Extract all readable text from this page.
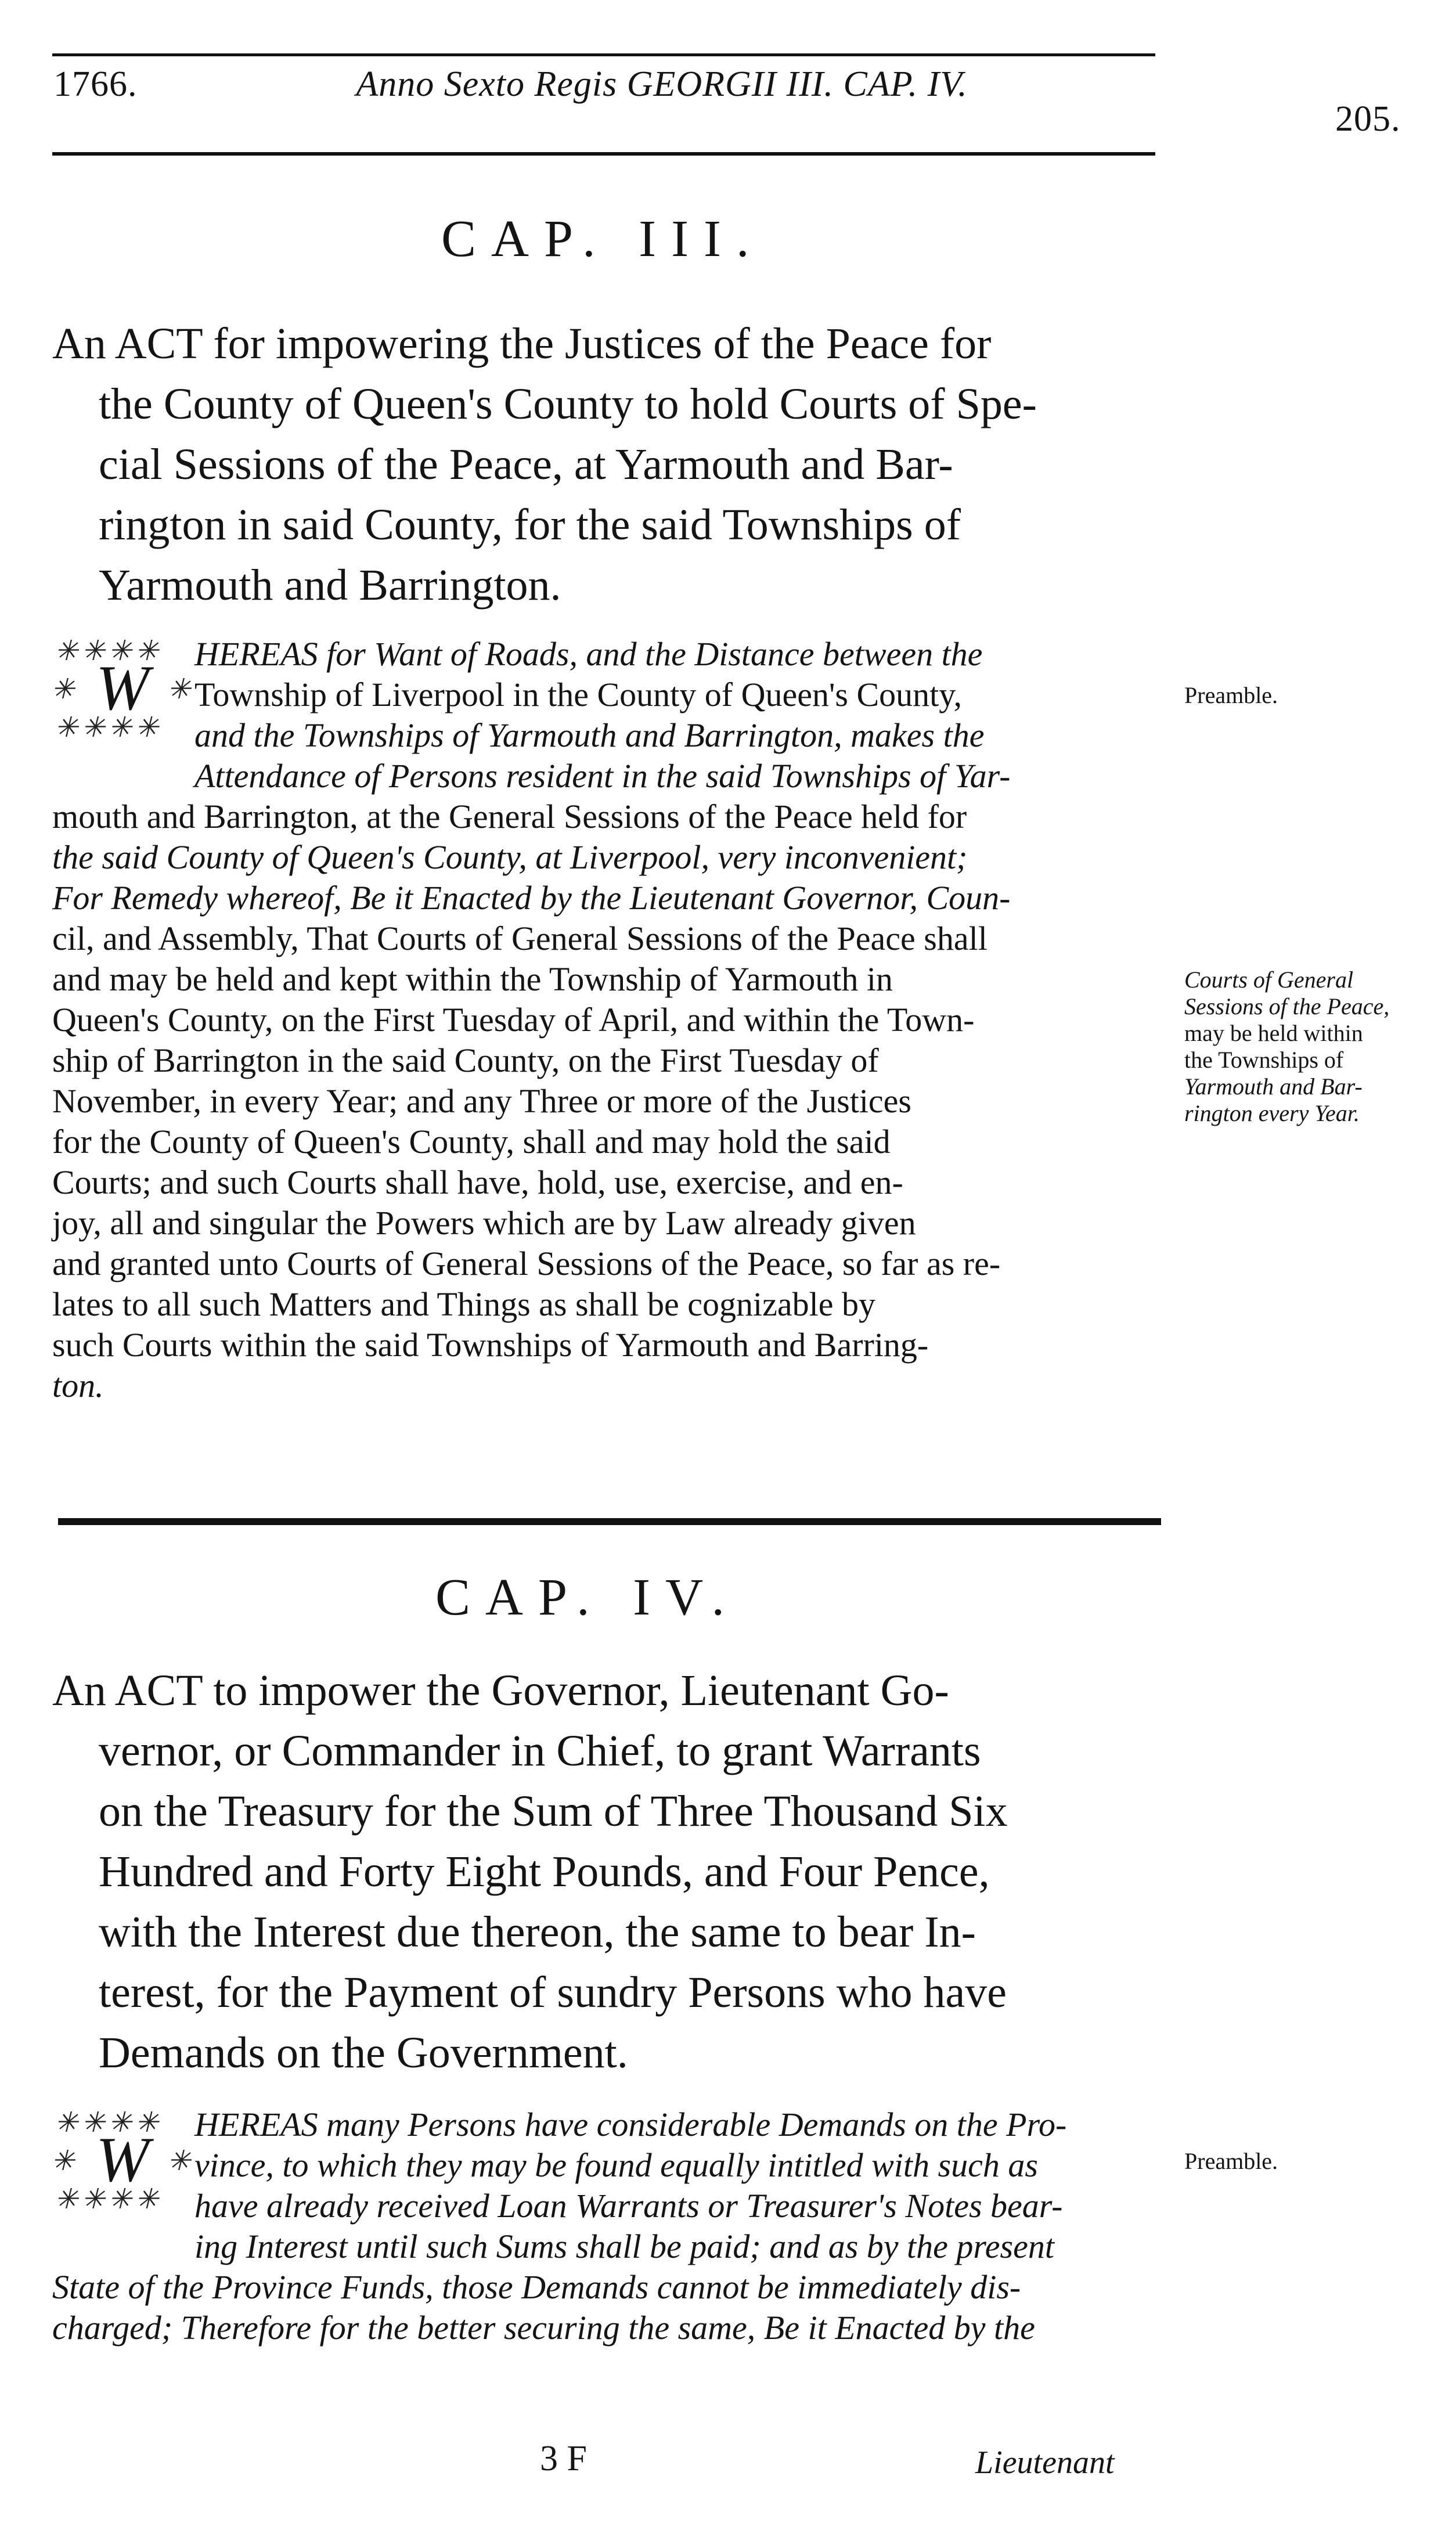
1766.	Anno Sexto Regis GEORGII III. CAP. IV.
205.
CAP. III.
An ACT for impowering the Justices of the Peace for
the County of Queen's County to hold Courts of Spe-
cial Sessions of the Peace, at Yarmouth and Bar-
rington in said County, for the said Townships of
Yarmouth and Barrington.
✳✳✳✳
✳✳✳✳
✳	✳
W HEREAS for Want of Roads, and the Distance between the
Township of Liverpool in the County of Queen's County,
and the Townships of Yarmouth and Barrington, makes the
Attendance of Persons resident in the said Townships of Yar-
mouth and Barrington, at the General Sessions of the Peace held for
the said County of Queen's County, at Liverpool, very inconvenient;
For Remedy whereof, Be it Enacted by the Lieutenant Governor, Coun-
cil, and Assembly, That Courts of General Sessions of the Peace shall
and may be held and kept within the Township of Yarmouth in
Queen's County, on the First Tuesday of April, and within the Town-
ship of Barrington in the said County, on the First Tuesday of
November, in every Year; and any Three or more of the Justices
for the County of Queen's County, shall and may hold the said
Courts; and such Courts shall have, hold, use, exercise, and en-
joy, all and singular the Powers which are by Law already given
and granted unto Courts of General Sessions of the Peace, so far as re-
lates to all such Matters and Things as shall be cognizable by
such Courts within the said Townships of Yarmouth and Barring-
ton.
Preamble.
Courts of General
Sessions of the Peace,
may be held within
the Townships of
Yarmouth and Bar-
rington every Year.
CAP. IV.
An ACT to impower the Governor, Lieutenant Go-
vernor, or Commander in Chief, to grant Warrants
on the Treasury for the Sum of Three Thousand Six
Hundred and Forty Eight Pounds, and Four Pence,
with the Interest due thereon, the same to bear In-
terest, for the Payment of sundry Persons who have
Demands on the Government.
✳✳✳✳
✳✳✳✳
✳	✳
W HEREAS many Persons have considerable Demands on the Pro-
vince, to which they may be found equally intitled with such as
have already received Loan Warrants or Treasurer's Notes bear-
ing Interest until such Sums shall be paid; and as by the present
State of the Province Funds, those Demands cannot be immediately dis-
charged; Therefore for the better securing the same, Be it Enacted by the
Preamble.
3 F	Lieutenant
